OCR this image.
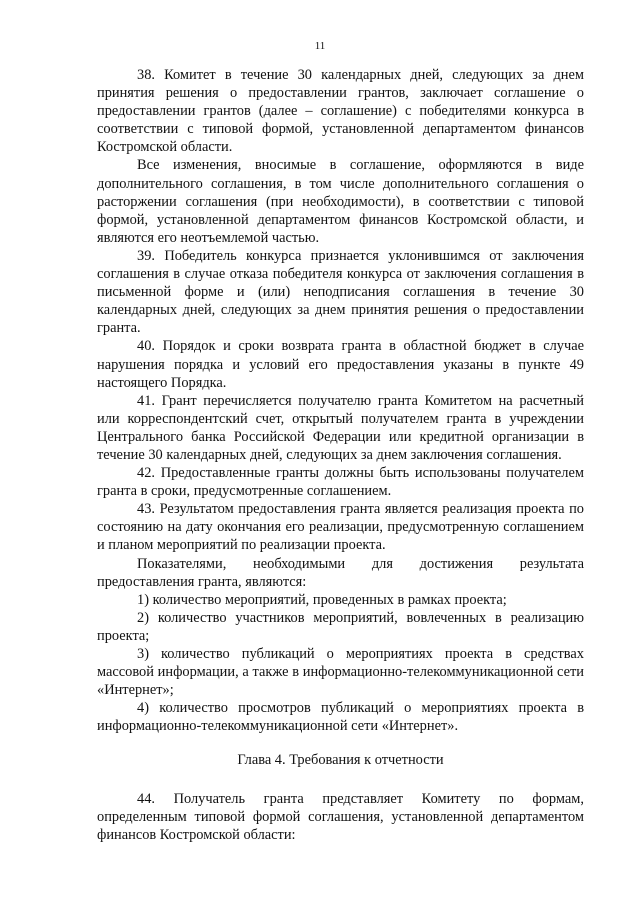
11

38. Комитет в течение 30 календарных дней, следующих за днем принятия решения о предоставлении грантов, заключает соглашение о предоставлении грантов (далее – соглашение) с победителями конкурса в соответствии с типовой формой, установленной департаментом финансов Костромской области.

Все изменения, вносимые в соглашение, оформляются в виде дополнительного соглашения, в том числе дополнительного соглашения о расторжении соглашения (при необходимости), в соответствии с типовой формой, установленной департаментом финансов Костромской области, и являются его неотъемлемой частью.

39. Победитель конкурса признается уклонившимся от заключения соглашения в случае отказа победителя конкурса от заключения соглашения в письменной форме и (или) неподписания соглашения в течение 30 календарных дней, следующих за днем принятия решения о предоставлении гранта.

40. Порядок и сроки возврата гранта в областной бюджет в случае нарушения порядка и условий его предоставления указаны в пункте 49 настоящего Порядка.

41. Грант перечисляется получателю гранта Комитетом на расчетный или корреспондентский счет, открытый получателем гранта в учреждении Центрального банка Российской Федерации или кредитной организации в течение 30 календарных дней, следующих за днем заключения соглашения.

42. Предоставленные гранты должны быть использованы получателем гранта в сроки, предусмотренные соглашением.

43. Результатом предоставления гранта является реализация проекта по состоянию на дату окончания его реализации, предусмотренную соглашением и планом мероприятий по реализации проекта.

Показателями, необходимыми для достижения результата предоставления гранта, являются:

1) количество мероприятий, проведенных в рамках проекта;

2) количество участников мероприятий, вовлеченных в реализацию проекта;

3) количество публикаций о мероприятиях проекта в средствах массовой информации, а также в информационно-телекоммуникационной сети «Интернет»;

4) количество просмотров публикаций о мероприятиях проекта в информационно-телекоммуникационной сети «Интернет».

Глава 4. Требования к отчетности

44. Получатель гранта представляет Комитету по формам, определенным типовой формой соглашения, установленной департаментом финансов Костромской области:
